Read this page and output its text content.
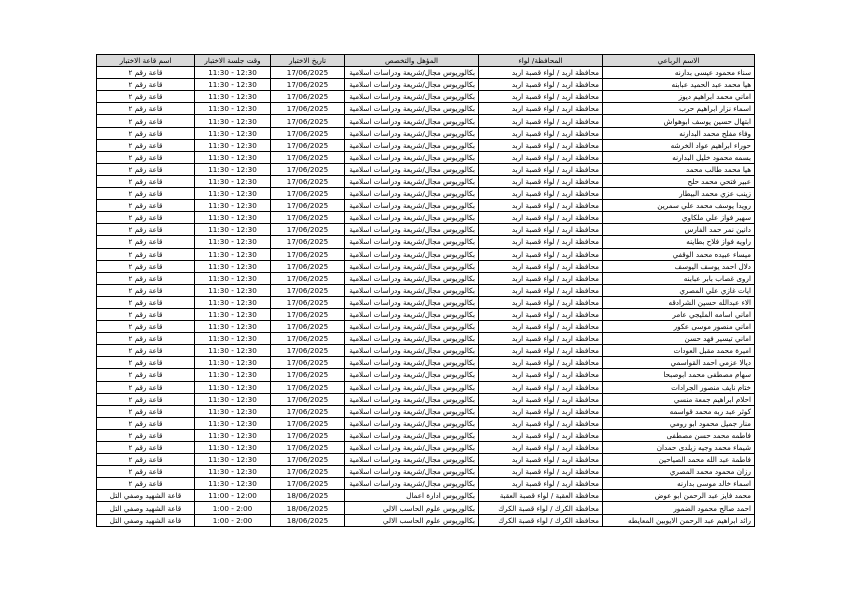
الاسم الرباعي	المحافظة/ لواء	المؤهل والتخصص	تاريخ الاختبار	وقت جلسة الاختبار	اسم قاعة الاختبار
سناء محمود عيسى بدارنه	محافظة اربد / لواء قصبة اربد	بكالوريوس مجال/شريعة ودراسات اسلامية	17/06/2025	11:30 - 12:30	قاعة رقم ٢
هيا محمد عبد الحميد عبابنه	محافظة اربد / لواء قصبة اربد	بكالوريوس مجال/شريعة ودراسات اسلامية	17/06/2025	11:30 - 12:30	قاعة رقم ٢
اماني محمد ابراهيم ديوز	محافظة اربد / لواء قصبة اربد	بكالوريوس مجال/شريعة ودراسات اسلامية	17/06/2025	11:30 - 12:30	قاعة رقم ٢
اسماء نزار ابراهيم حرب	محافظة اربد / لواء قصبة اربد	بكالوريوس مجال/شريعة ودراسات اسلامية	17/06/2025	11:30 - 12:30	قاعة رقم ٢
ابتهال حسين يوسف ابوهواش	محافظة اربد / لواء قصبة اربد	بكالوريوس مجال/شريعة ودراسات اسلامية	17/06/2025	11:30 - 12:30	قاعة رقم ٢
وفاء مفلح محمد البدارنه	محافظة اربد / لواء قصبة اربد	بكالوريوس مجال/شريعة ودراسات اسلامية	17/06/2025	11:30 - 12:30	قاعة رقم ٢
حوراء ابراهيم عواد الخرشه	محافظة اربد / لواء قصبة اربد	بكالوريوس مجال/شريعة ودراسات اسلامية	17/06/2025	11:30 - 12:30	قاعة رقم ٢
بسمه محمود خليل البدارنه	محافظة اربد / لواء قصبة اربد	بكالوريوس مجال/شريعة ودراسات اسلامية	17/06/2025	11:30 - 12:30	قاعة رقم ٢
هيا محمد طالب محمد	محافظة اربد / لواء قصبة اربد	بكالوريوس مجال/شريعة ودراسات اسلامية	17/06/2025	11:30 - 12:30	قاعة رقم ٢
عبير فتحي محمد حلح	محافظة اربد / لواء قصبة اربد	بكالوريوس مجال/شريعة ودراسات اسلامية	17/06/2025	11:30 - 12:30	قاعة رقم ٢
زينب عزي محمد البيطار	محافظة اربد / لواء قصبة اربد	بكالوريوس مجال/شريعة ودراسات اسلامية	17/06/2025	11:30 - 12:30	قاعة رقم ٢
رويدا يوسف محمد علي سمرين	محافظة اربد / لواء قصبة اربد	بكالوريوس مجال/شريعة ودراسات اسلامية	17/06/2025	11:30 - 12:30	قاعة رقم ٢
سهير فواز علي ملكاوي	محافظة اربد / لواء قصبة اربد	بكالوريوس مجال/شريعة ودراسات اسلامية	17/06/2025	11:30 - 12:30	قاعة رقم ٢
دانين نمر حمد الفارس	محافظة اربد / لواء قصبة اربد	بكالوريوس مجال/شريعة ودراسات اسلامية	17/06/2025	11:30 - 12:30	قاعة رقم ٢
راويه فواز فلاح بطاينه	محافظة اربد / لواء قصبة اربد	بكالوريوس مجال/شريعة ودراسات اسلامية	17/06/2025	11:30 - 12:30	قاعة رقم ٢
ميساء عبيده محمد الوقفي	محافظة اربد / لواء قصبة اربد	بكالوريوس مجال/شريعة ودراسات اسلامية	17/06/2025	11:30 - 12:30	قاعة رقم ٢
دلال احمد يوسف اليوسف	محافظة اربد / لواء قصبة اربد	بكالوريوس مجال/شريعة ودراسات اسلامية	17/06/2025	11:30 - 12:30	قاعة رقم ٢
اروى غصاب بابر عبابنه	محافظة اربد / لواء قصبة اربد	بكالوريوس مجال/شريعة ودراسات اسلامية	17/06/2025	11:30 - 12:30	قاعة رقم ٢
ايات غازي علي المصري	محافظة اربد / لواء قصبة اربد	بكالوريوس مجال/شريعة ودراسات اسلامية	17/06/2025	11:30 - 12:30	قاعة رقم ٢
الاء عبدالله حسين الشرادقه	محافظة اربد / لواء قصبة اربد	بكالوريوس مجال/شريعة ودراسات اسلامية	17/06/2025	11:30 - 12:30	قاعة رقم ٢
اماني اسامه المليجي عامر	محافظة اربد / لواء قصبة اربد	بكالوريوس مجال/شريعة ودراسات اسلامية	17/06/2025	11:30 - 12:30	قاعة رقم ٢
اماني منصور موسى عكور	محافظة اربد / لواء قصبة اربد	بكالوريوس مجال/شريعة ودراسات اسلامية	17/06/2025	11:30 - 12:30	قاعة رقم ٢
اماني تيسير فهد حسن	محافظة اربد / لواء قصبة اربد	بكالوريوس مجال/شريعة ودراسات اسلامية	17/06/2025	11:30 - 12:30	قاعة رقم ٢
اميرة محمد مقبل العودات	محافظة اربد / لواء قصبة اربد	بكالوريوس مجال/شريعة ودراسات اسلامية	17/06/2025	11:30 - 12:30	قاعة رقم ٢
ديالا عزمي احمد القواسمي	محافظة اربد / لواء قصبة اربد	بكالوريوس مجال/شريعة ودراسات اسلامية	17/06/2025	11:30 - 12:30	قاعة رقم ٢
سهام مصطفى محمد ابوصبحا	محافظة اربد / لواء قصبة اربد	بكالوريوس مجال/شريعة ودراسات اسلامية	17/06/2025	11:30 - 12:30	قاعة رقم ٢
ختام نايف منصور الجرادات	محافظة اربد / لواء قصبة اربد	بكالوريوس مجال/شريعة ودراسات اسلامية	17/06/2025	11:30 - 12:30	قاعة رقم ٢
احلام ابراهيم جمعة منسي	محافظة اربد / لواء قصبة اربد	بكالوريوس مجال/شريعة ودراسات اسلامية	17/06/2025	11:30 - 12:30	قاعة رقم ٢
كوثر عبد ربه محمد قواسمه	محافظة اربد / لواء قصبة اربد	بكالوريوس مجال/شريعة ودراسات اسلامية	17/06/2025	11:30 - 12:30	قاعة رقم ٢
منار جميل محمود ابو رومي	محافظة اربد / لواء قصبة اربد	بكالوريوس مجال/شريعة ودراسات اسلامية	17/06/2025	11:30 - 12:30	قاعة رقم ٢
فاطمه محمد حسن مصطفى	محافظة اربد / لواء قصبة اربد	بكالوريوس مجال/شريعة ودراسات اسلامية	17/06/2025	11:30 - 12:30	قاعة رقم ٢
شيماء محمد وجيه زيلدى حمدان	محافظة اربد / لواء قصبة اربد	بكالوريوس مجال/شريعة ودراسات اسلامية	17/06/2025	11:30 - 12:30	قاعة رقم ٢
فاطمة عبد الله محمد الصياحين	محافظة اربد / لواء قصبة اربد	بكالوريوس مجال/شريعة ودراسات اسلامية	17/06/2025	11:30 - 12:30	قاعة رقم ٢
رزان محمود محمد المصري	محافظة اربد / لواء قصبة اربد	بكالوريوس مجال/شريعة ودراسات اسلامية	17/06/2025	11:30 - 12:30	قاعة رقم ٢
اسماء خالد موسى بدارنه	محافظة اربد / لواء قصبة اربد	بكالوريوس مجال/شريعة ودراسات اسلامية	17/06/2025	11:30 - 12:30	قاعة رقم ٢
محمد فايز عبد الرحمن ابو عوض	محافظة العقبة / لواء قصبة العقبة	بكالوريوس ادارة اعمال	18/06/2025	11:00 - 12:00	قاعة الشهيد وصفي التل
احمد صالح محمود الضمور	محافظة الكرك / لواء قصبة الكرك	بكالوريوس علوم الحاسب الالي	18/06/2025	1:00 - 2:00	قاعة الشهيد وصفي التل
رائد ابراهيم عبد الرحمن الايوبين المعايطه	محافظة الكرك / لواء قصبة الكرك	بكالوريوس علوم الحاسب الالي	18/06/2025	1:00 - 2:00	قاعة الشهيد وصفي التل
